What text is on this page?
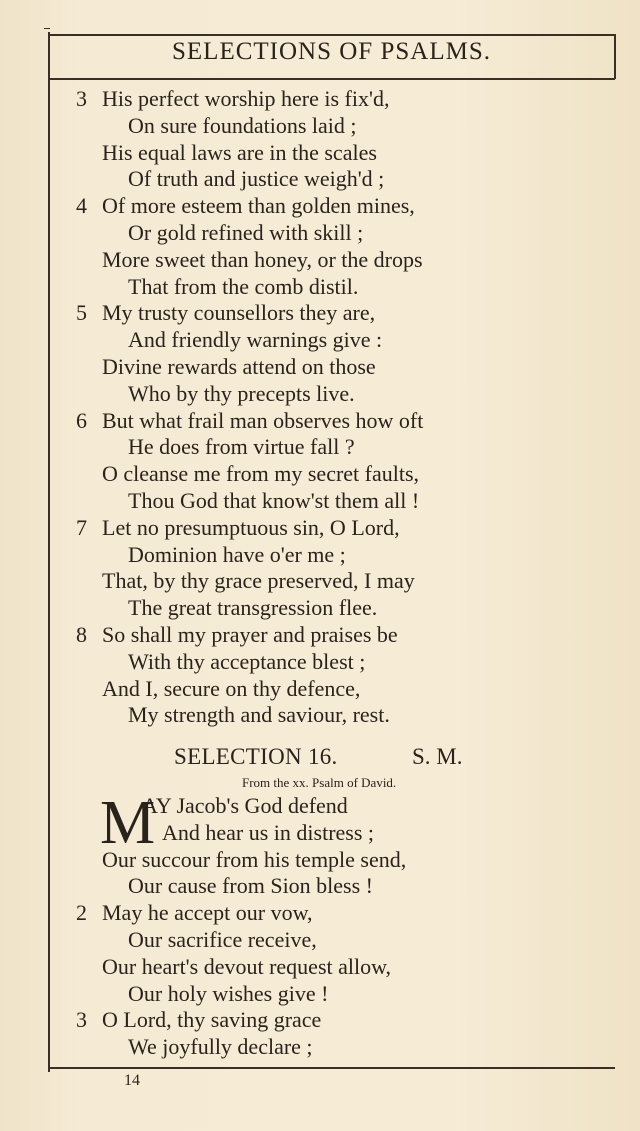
SELECTIONS OF PSALMS.
3 His perfect worship here is fix'd,
On sure foundations laid ;
His equal laws are in the scales
Of truth and justice weigh'd ;
4 Of more esteem than golden mines,
Or gold refined with skill ;
More sweet than honey, or the drops
That from the comb distil.
5 My trusty counsellors they are,
And friendly warnings give :
Divine rewards attend on those
Who by thy precepts live.
6 But what frail man observes how oft
He does from virtue fall ?
O cleanse me from my secret faults,
Thou God that know'st them all !
7 Let no presumptuous sin, O Lord,
Dominion have o'er me ;
That, by thy grace preserved, I may
The great transgression flee.
8 So shall my prayer and praises be
With thy acceptance blest ;
And I, secure on thy defence,
My strength and saviour, rest.
SELECTION 16.	S. M.
From the xx. Psalm of David.
M
AY Jacob's God defend
And hear us in distress ;
Our succour from his temple send,
Our cause from Sion bless !
2 May he accept our vow,
Our sacrifice receive,
Our heart's devout request allow,
Our holy wishes give !
3 O Lord, thy saving grace
We joyfully declare ;
14
